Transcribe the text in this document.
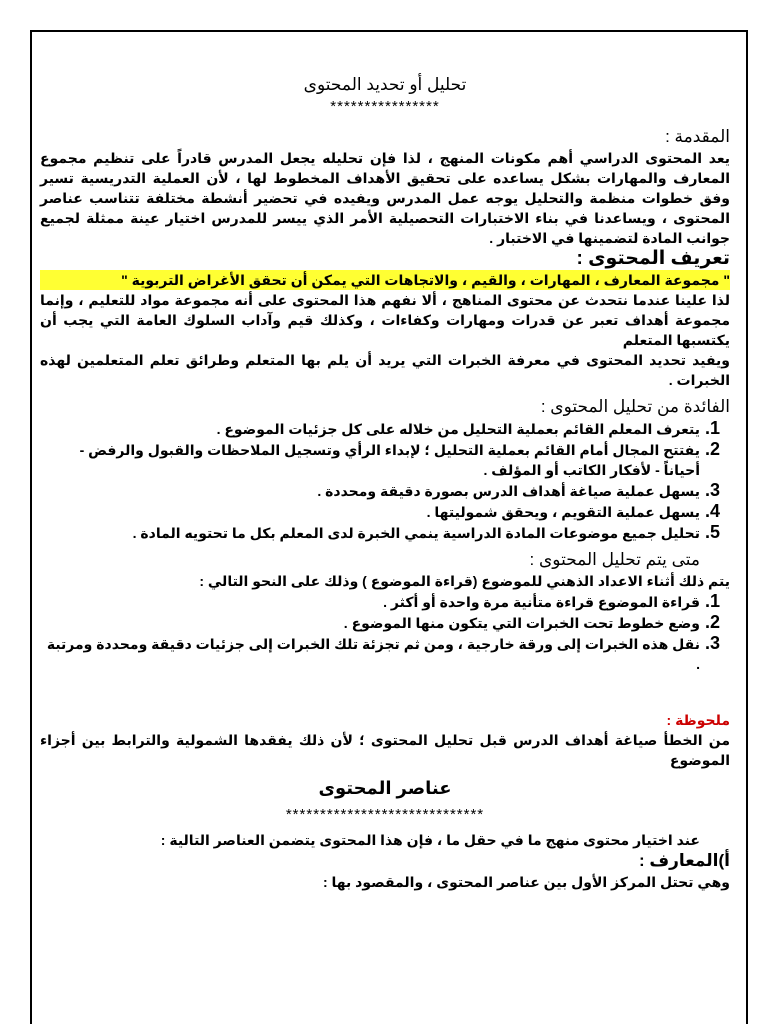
تحليل أو تحديد المحتوى
****************
المقدمة :
يعد المحتوى الدراسي أهم مكونات المنهج ، لذا فإن تحليله يجعل المدرس قادراً على تنظيم مجموع المعارف والمهارات بشكل يساعده على تحقيق الأهداف المخطوط لها ، لأن العملية التدريسية تسير وفق خطوات منظمة والتحليل يوجه عمل المدرس ويفيده في تحضير أنشطة مختلفة تتناسب عناصر المحتوى ، ويساعدنا في بناء الاختبارات التحصيلية الأمر الذي ييسر للمدرس اختيار عينة ممثلة لجميع جوانب المادة لتضمينها في الاختبار .
تعريف المحتوى :
" مجموعة المعارف ، المهارات ، والقيم ، والاتجاهات التي يمكن أن تحقق الأغراض التربوية "
لذا علينا عندما نتحدث عن محتوى المناهج ، ألا نفهم هذا المحتوى على أنه مجموعة مواد للتعليم ، وإنما مجموعة أهداف تعبر عن قدرات ومهارات وكفاءات ، وكذلك قيم وآداب السلوك العامة التي يجب أن يكتسبها المتعلم
ويفيد تحديد المحتوى في معرفة الخبرات التي يريد أن يلم بها المتعلم وطرائق تعلم المتعلمين لهذه الخبرات .
الفائدة من تحليل المحتوى :
1. يتعرف المعلم القائم بعملية التحليل من خلاله على كل جزئيات الموضوع .
2. يفتتح المجال أمام القائم بعملية التحليل ؛ لإبداء الرأي وتسجيل الملاحظات والقبول والرفض - أحياناً - لأفكار الكاتب أو المؤلف .
3. يسهل عملية صياغة أهداف الدرس بصورة دقيقة ومحددة .
4. يسهل عملية التقويم ، ويحقق شموليتها .
5. تحليل جميع موضوعات المادة الدراسية ينمي الخبرة لدى المعلم بكل ما تحتويه المادة .
متى يتم تحليل المحتوى :
يتم ذلك أثناء الاعداد الذهني للموضوع (قراءة الموضوع ) وذلك على النحو التالي :
1. قراءة الموضوع قراءة متأنية مرة واحدة أو أكثر .
2. وضع خطوط تحت الخبرات التي يتكون منها الموضوع .
3. نقل هذه الخبرات إلى ورقة خارجية ، ومن ثم تجزئة تلك الخبرات إلى جزئيات دقيقة ومحددة ومرتبة .
ملحوظة :
من الخطأ صياغة أهداف الدرس قبل تحليل المحتوى ؛ لأن ذلك يفقدها الشمولية والترابط بين أجزاء الموضوع
عناصر المحتوى
*****************************
عند اختيار محتوى منهج ما في حقل ما ، فإن هذا المحتوى يتضمن العناصر التالية :
أ)المعارف :
وهي تحتل المركز الأول بين عناصر المحتوى ، والمقصود بها :
